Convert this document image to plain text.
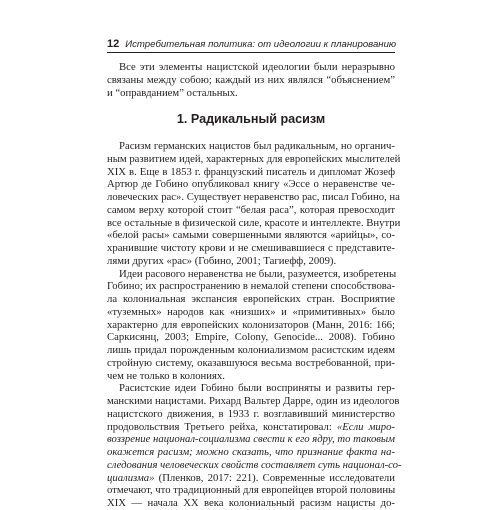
12 Истребительная политика: от идеологии к планированию
Все эти элементы нацистской идеологии были неразрывно
связаны между собою; каждый из них являлся “объяснением”
и “оправданием” остальных.
1. Радикальный расизм
Расизм германских нацистов был радикальным, но органич-
ным развитием идей, характерных для европейских мыслителей
XIX в. Еще в 1853 г. французский писатель и дипломат Жозеф
Артюр де Гобино опубликовал книгу «Эссе о неравенстве че-
ловеческих рас». Существует неравенство рас, писал Гобино, на
самом верху которой стоит “белая раса”, которая превосходит
все остальные в физической силе, красоте и интеллекте. Внутри
«белой расы» самыми совершенными являются «арийцы», со-
хранившие чистоту крови и не смешивавшиеся с представите-
лями других «рас» (Гобино, 2001; Тагиефф, 2009).
Идеи расового неравенства не были, разумеется, изобретены
Гобино; их распространению в немалой степени способствова-
ла колониальная экспансия европейских стран. Восприятие
«туземных» народов как «низших» и «примитивных» было
характерно для европейских колонизаторов (Манн, 2016: 166;
Саркисянц, 2003; Empire, Colony, Genocide... 2008). Гобино
лишь придал порожденным колониализмом расистским идеям
стройную систему, оказавшуюся весьма востребованной, при-
чем не только в колониях.
Расистские идеи Гобино были восприняты и развиты гер-
манскими нацистами. Рихард Вальтер Дарре, один из идеологов
нацистского движения, в 1933 г. возглавивший министерство
продовольствия Третьего рейха, констатировал: «Если миро-
воззрение национал-социализма свести к его ядру, то таковым
окажется расизм; можно сказать, что признание факта на-
следования человеческих свойств составляет суть национал-со-
циализма» (Пленков, 2017: 221). Современные исследователи
отмечают, что традиционный для европейцев второй половины
XIX — начала XX века колониальный расизм нацисты до-
